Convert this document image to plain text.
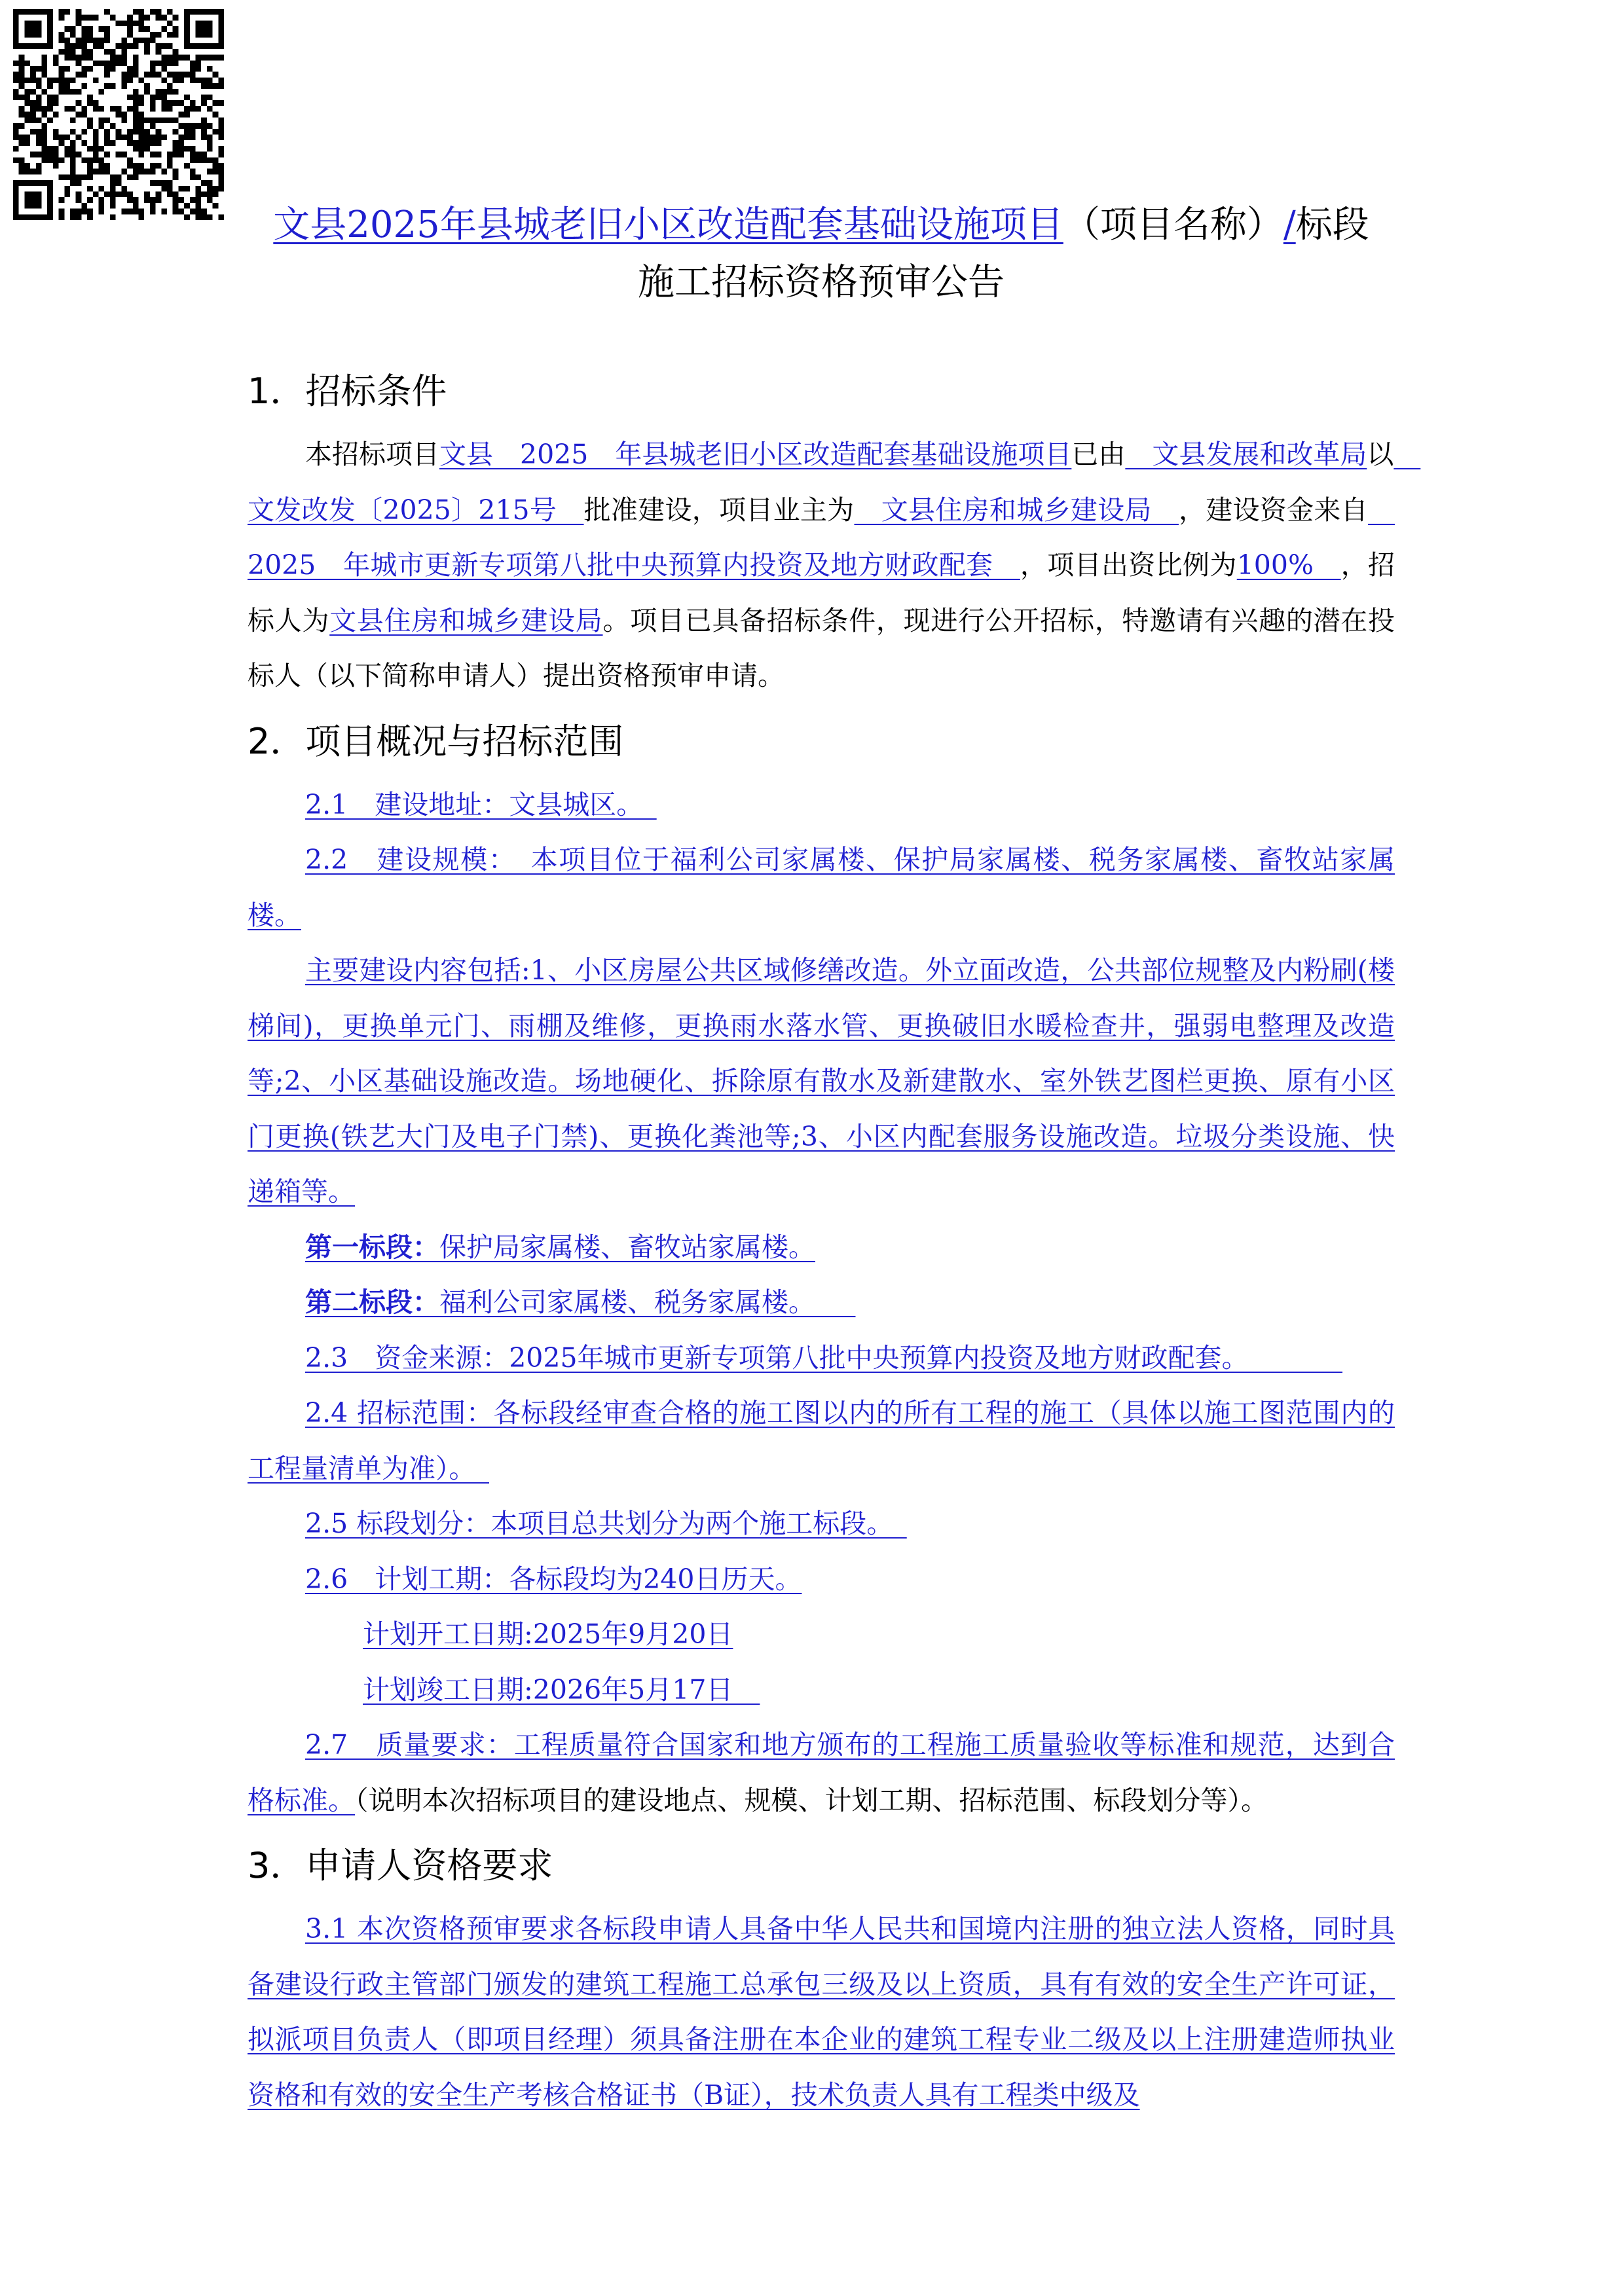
文县2025年县城老旧小区改造配套基础设施项目（项目名称）/标段
施工招标资格预审公告
1．招标条件

本招标项目文县　2025　年县城老旧小区改造配套基础设施项目已由　文县发展和改革局以　文发改发〔2025〕215号　批准建设，项目业主为　文县住房和城乡建设局　，建设资金来自　2025　年城市更新专项第八批中央预算内投资及地方财政配套　，项目出资比例为100%　，招标人为文县住房和城乡建设局。项目已具备招标条件，现进行公开招标，特邀请有兴趣的潜在投标人（以下简称申请人）提出资格预审申请。

2．项目概况与招标范围

2.1　建设地址：文县城区。　

2.2　建设规模：　本项目位于福利公司家属楼、保护局家属楼、税务家属楼、畜牧站家属楼。

主要建设内容包括:1、小区房屋公共区域修缮改造。外立面改造，公共部位规整及内粉刷(楼梯间)，更换单元门、雨棚及维修，更换雨水落水管、更换破旧水暖检查井，强弱电整理及改造等;2、小区基础设施改造。场地硬化、拆除原有散水及新建散水、室外铁艺图栏更换、原有小区门更换(铁艺大门及电子门禁)、更换化粪池等;3、小区内配套服务设施改造。垃圾分类设施、快递箱等。

第一标段：保护局家属楼、畜牧站家属楼。

第二标段：福利公司家属楼、税务家属楼。　　

2.3　资金来源：2025年城市更新专项第八批中央预算内投资及地方财政配套。　　　　

2.4 招标范围：各标段经审查合格的施工图以内的所有工程的施工（具体以施工图范围内的工程量清单为准）。　

2.5 标段划分：本项目总共划分为两个施工标段。　

2.6　计划工期：各标段均为240日历天。

计划开工日期:2025年9月20日

计划竣工日期:2026年5月17日　

2.7　质量要求：工程质量符合国家和地方颁布的工程施工质量验收等标准和规范，达到合格标准。（说明本次招标项目的建设地点、规模、计划工期、招标范围、标段划分等）。

3．申请人资格要求

3.1 本次资格预审要求各标段申请人具备中华人民共和国境内注册的独立法人资格，同时具备建设行政主管部门颁发的建筑工程施工总承包三级及以上资质，具有有效的安全生产许可证，拟派项目负责人（即项目经理）须具备注册在本企业的建筑工程专业二级及以上注册建造师执业资格和有效的安全生产考核合格证书（B证），技术负责人具有工程类中级及
